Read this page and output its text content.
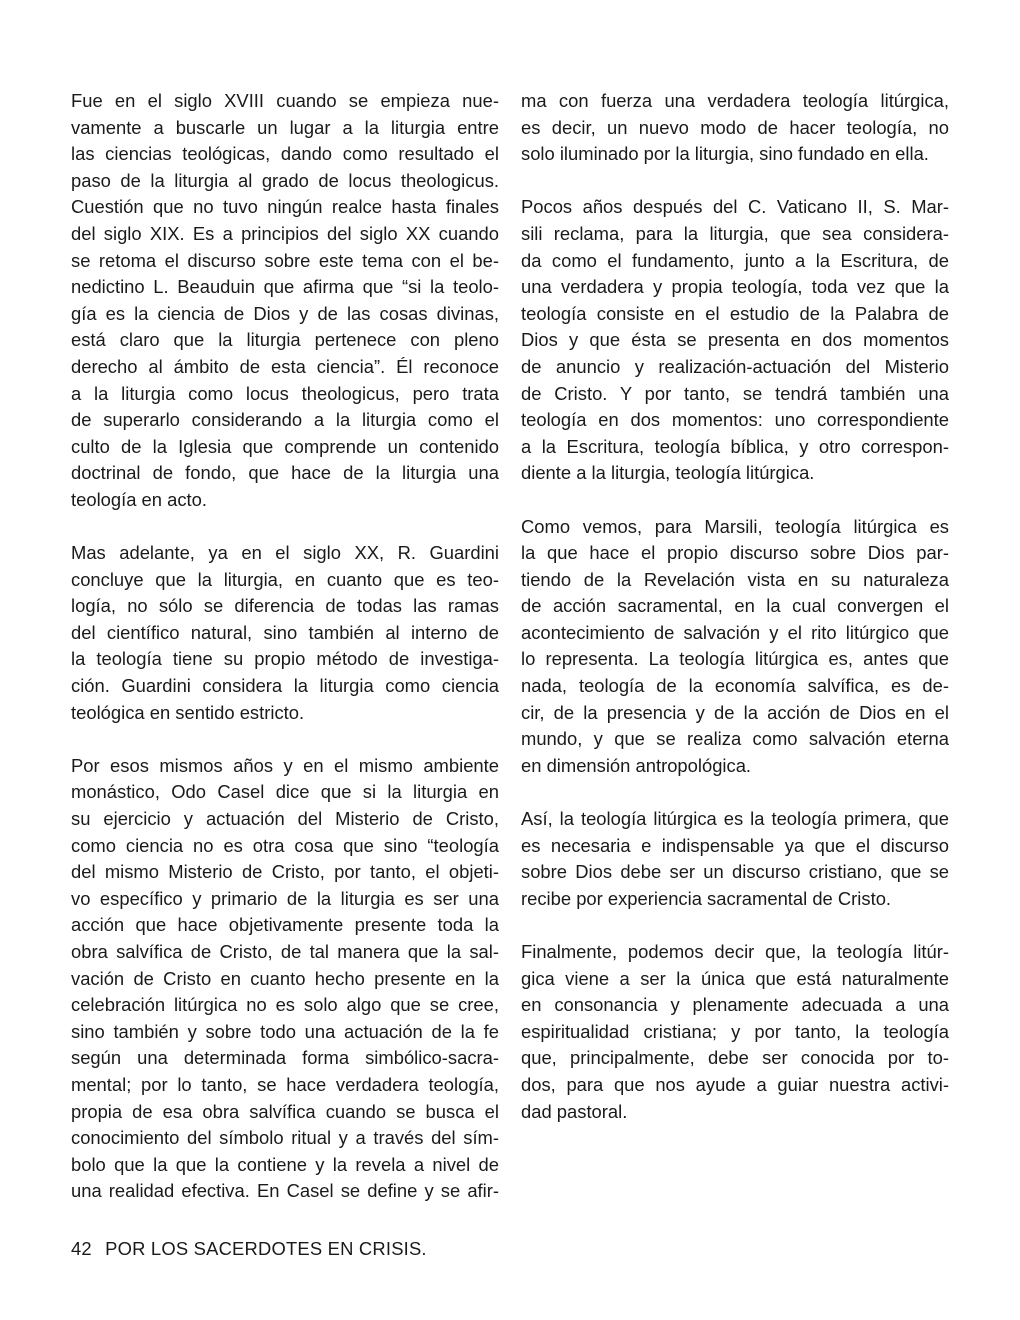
Fue en el siglo XVIII cuando se empieza nue-
vamente a buscarle un lugar a la liturgia entre
las ciencias teológicas, dando como resultado el
paso de la liturgia al grado de locus theologicus.
Cuestión que no tuvo ningún realce hasta finales
del siglo XIX. Es a principios del siglo XX cuando
se retoma el discurso sobre este tema con el be-
nedictino L. Beauduin que afirma que “si la teolo-
gía es la ciencia de Dios y de las cosas divinas,
está claro que la liturgia pertenece con pleno
derecho al ámbito de esta ciencia”. Él reconoce
a la liturgia como locus theologicus, pero trata
de superarlo considerando a la liturgia como el
culto de la Iglesia que comprende un contenido
doctrinal de fondo, que hace de la liturgia una
teología en acto.
Mas adelante, ya en el siglo XX, R. Guardini
concluye que la liturgia, en cuanto que es teo-
logía, no sólo se diferencia de todas las ramas
del científico natural, sino también al interno de
la teología tiene su propio método de investiga-
ción. Guardini considera la liturgia como ciencia
teológica en sentido estricto.
Por esos mismos años y en el mismo ambiente
monástico, Odo Casel dice que si la liturgia en
su ejercicio y actuación del Misterio de Cristo,
como ciencia no es otra cosa que sino “teología
del mismo Misterio de Cristo, por tanto, el objeti-
vo específico y primario de la liturgia es ser una
acción que hace objetivamente presente toda la
obra salvífica de Cristo, de tal manera que la sal-
vación de Cristo en cuanto hecho presente en la
celebración litúrgica no es solo algo que se cree,
sino también y sobre todo una actuación de la fe
según una determinada forma simbólico-sacra-
mental; por lo tanto, se hace verdadera teología,
propia de esa obra salvífica cuando se busca el
conocimiento del símbolo ritual y a través del sím-
bolo que la que la contiene y la revela a nivel de
una realidad efectiva. En Casel se define y se afir-
ma con fuerza una verdadera teología litúrgica,
es decir, un nuevo modo de hacer teología, no
solo iluminado por la liturgia, sino fundado en ella.
Pocos años después del C. Vaticano II, S. Mar-
sili reclama, para la liturgia, que sea considera-
da como el fundamento, junto a la Escritura, de
una verdadera y propia teología, toda vez que la
teología consiste en el estudio de la Palabra de
Dios y que ésta se presenta en dos momentos
de anuncio y realización-actuación del Misterio
de Cristo. Y por tanto, se tendrá también una
teología en dos momentos: uno correspondiente
a la Escritura, teología bíblica, y otro correspon-
diente a la liturgia, teología litúrgica.
Como vemos, para Marsili, teología litúrgica es
la que hace el propio discurso sobre Dios par-
tiendo de la Revelación vista en su naturaleza
de acción sacramental, en la cual convergen el
acontecimiento de salvación y el rito litúrgico que
lo representa. La teología litúrgica es, antes que
nada, teología de la economía salvífica, es de-
cir, de la presencia y de la acción de Dios en el
mundo, y que se realiza como salvación eterna
en dimensión antropológica.
Así, la teología litúrgica es la teología primera, que
es necesaria e indispensable ya que el discurso
sobre Dios debe ser un discurso cristiano, que se
recibe por experiencia sacramental de Cristo.
Finalmente, podemos decir que, la teología litúr-
gica viene a ser la única que está naturalmente
en consonancia y plenamente adecuada a una
espiritualidad cristiana; y por tanto, la teología
que, principalmente, debe ser conocida por to-
dos, para que nos ayude a guiar nuestra activi-
dad pastoral.
42 POR LOS SACERDOTES EN CRISIS.
